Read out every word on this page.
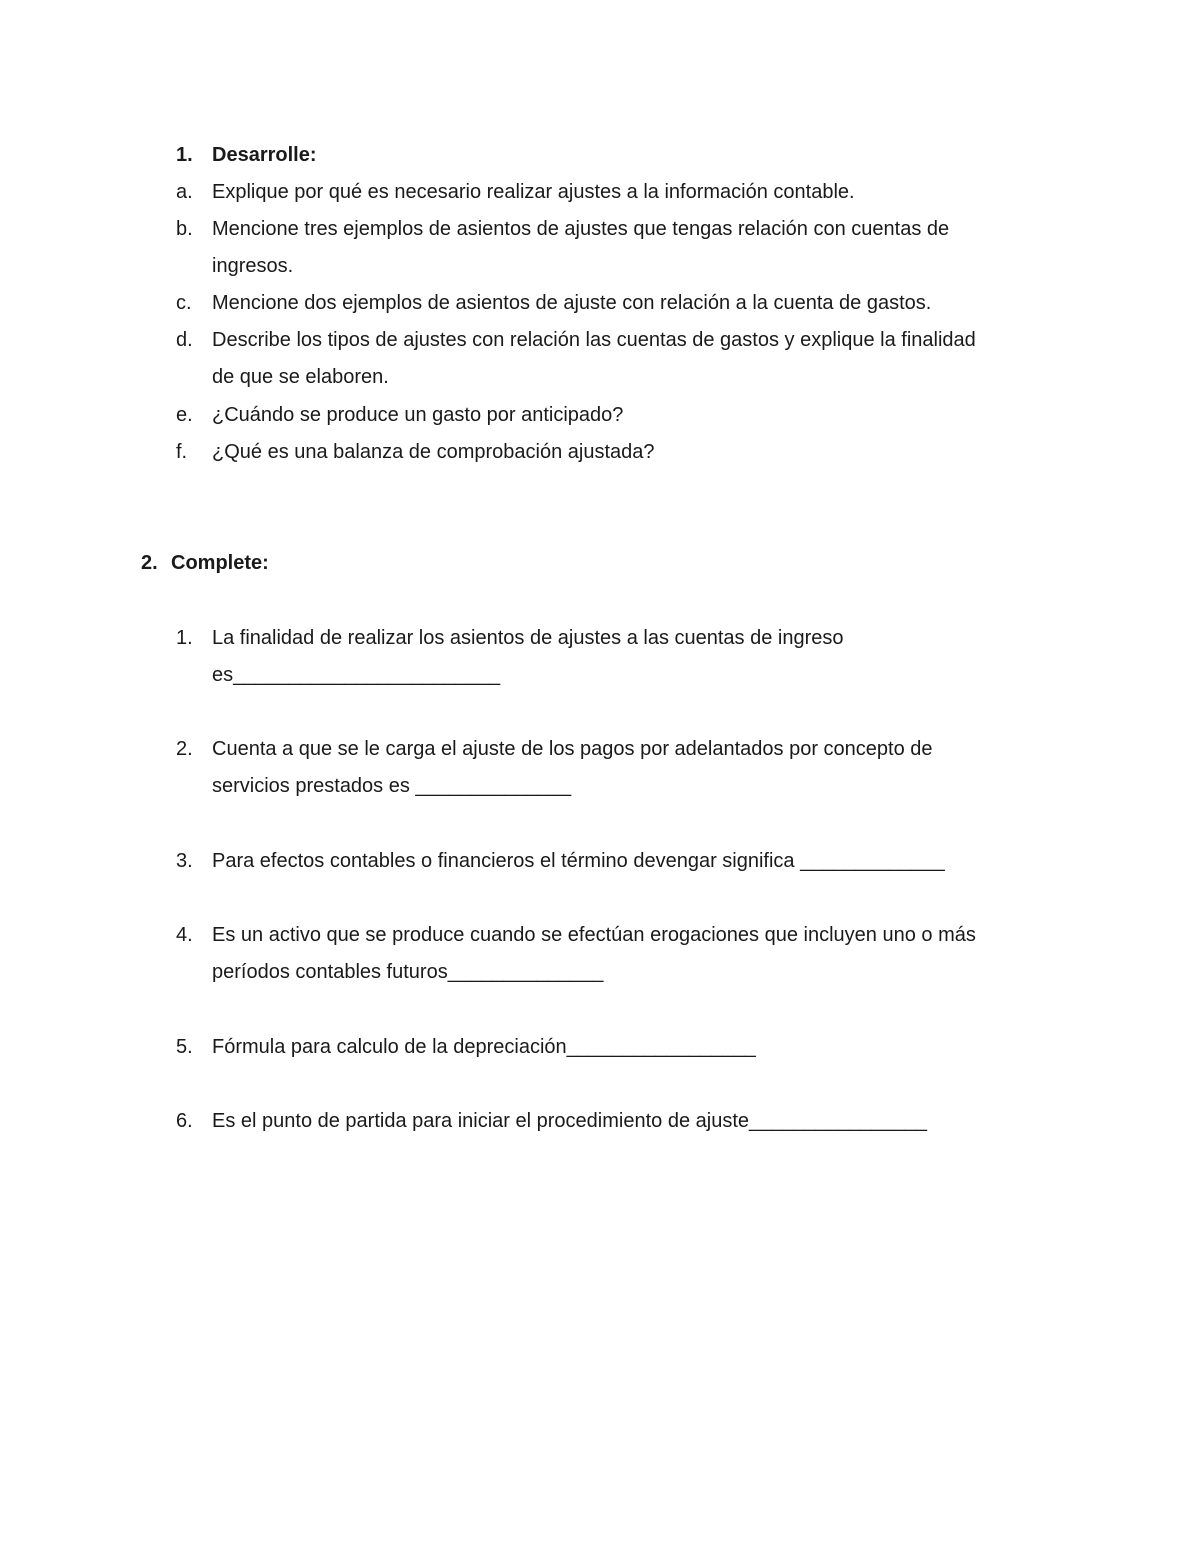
1. Desarrolle:
a. Explique por qué es necesario realizar ajustes a la información contable.
b. Mencione tres ejemplos de asientos de ajustes que tengas relación con cuentas de
ingresos.
c. Mencione dos ejemplos de asientos de ajuste con relación a la cuenta de gastos.
d. Describe los tipos de ajustes con relación las cuentas de gastos y explique la finalidad
de que se elaboren.
e. ¿Cuándo se produce un gasto por anticipado?
f. ¿Qué es una balanza de comprobación ajustada?
2. Complete:
1. La finalidad de realizar los asientos de ajustes a las cuentas de ingreso
es________________________
2. Cuenta a que se le carga el ajuste de los pagos por adelantados por concepto de
servicios prestados es ______________
3. Para efectos contables o financieros el término devengar significa _____________
4. Es un activo que se produce cuando se efectúan erogaciones que incluyen uno o más
períodos contables futuros______________
5. Fórmula para calculo de la depreciación_________________
6. Es el punto de partida para iniciar el procedimiento de ajuste________________
